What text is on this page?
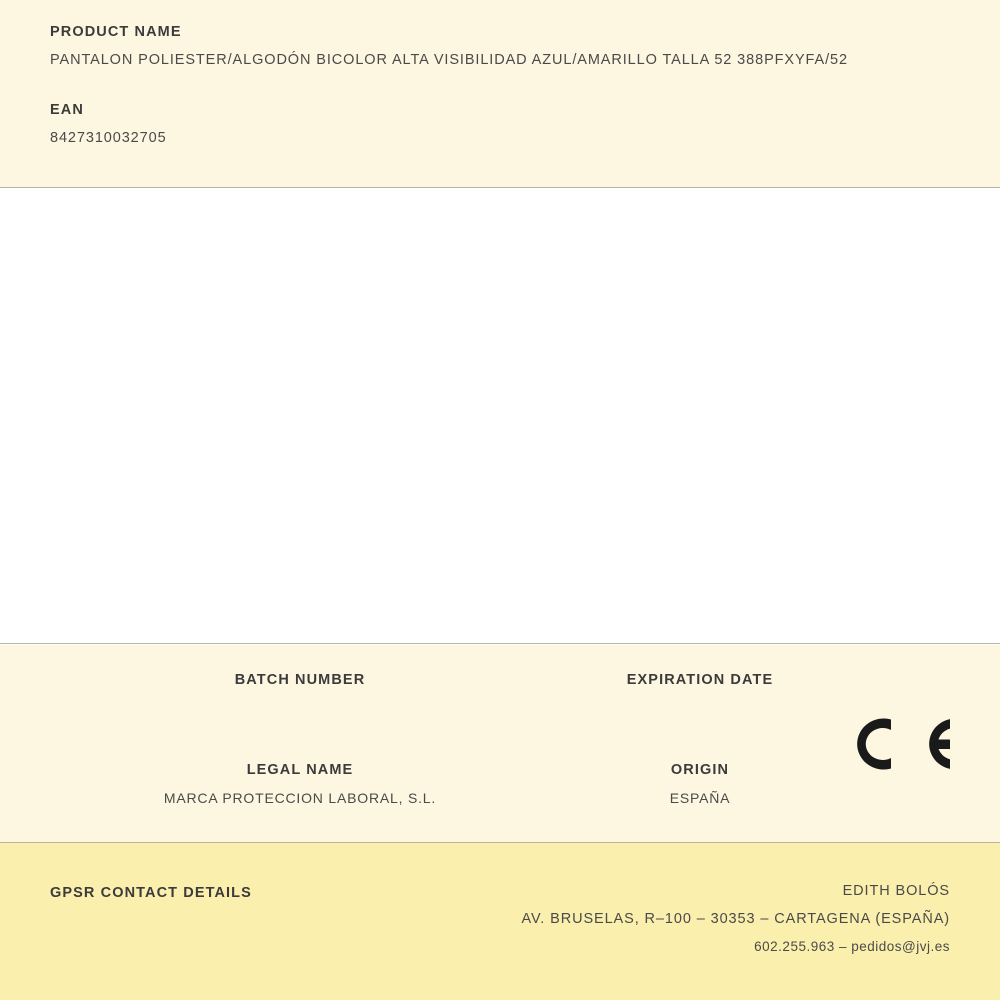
PRODUCT NAME
PANTALON POLIESTER/ALGODÓN BICOLOR ALTA VISIBILIDAD AZUL/AMARILLO TALLA 52 388PFXYFA/52
EAN
8427310032705
BATCH NUMBER	EXPIRATION DATE
LEGAL NAME
MARCA PROTECCION LABORAL, S.L.
ORIGIN
ESPAÑA
GPSR CONTACT DETAILS	EDITH BOLÓS
AV. BRUSELAS, R–100 – 30353 – CARTAGENA (ESPAÑA)
602.255.963 – pedidos@jvj.es
